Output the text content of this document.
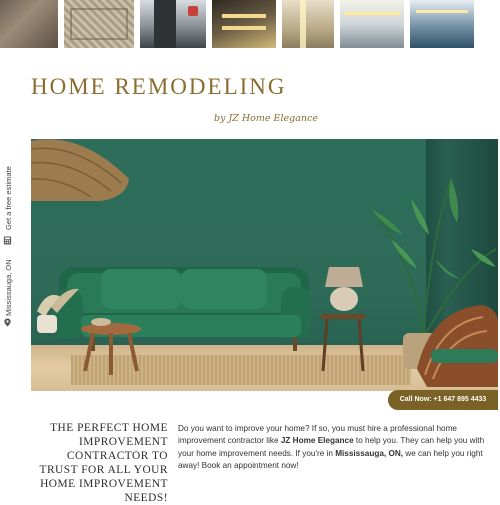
HOME REMODELING
by JZ Home Elegance
Get a free estimate
Mississauga, ON
Call Now: +1 647 895 4433
THE PERFECT HOME IMPROVEMENT CONTRACTOR TO TRUST FOR ALL YOUR HOME IMPROVEMENT NEEDS!

Do you want to improve your home? If so, you must hire a professional home improvement contractor like JZ Home Elegance to help you. They can help you with your home improvement needs. If you're in Mississauga, ON, we can help you right away! Book an appointment now!
